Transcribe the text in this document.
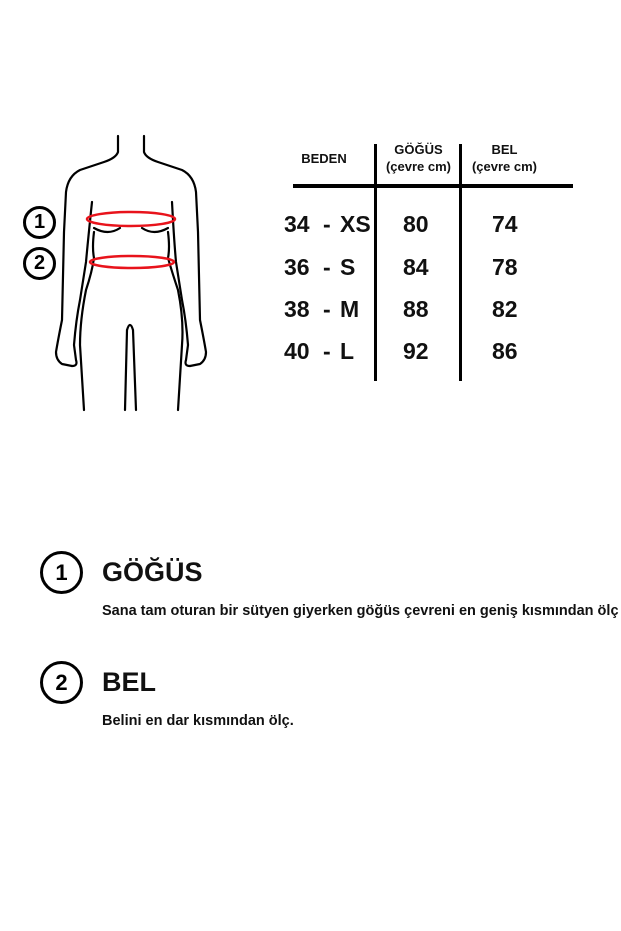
1
2
BEDEN
GÖĞÜS
(çevre cm)
BEL
(çevre cm)
34 - XS 80	74
36 - S 84	78
38 - M 88	82
40 - L 92	86
1 GÖĞÜS
Sana tam oturan bir sütyen giyerken göğüs çevreni en geniş kısmından ölç
2 BEL
Belini en dar kısmından ölç.
